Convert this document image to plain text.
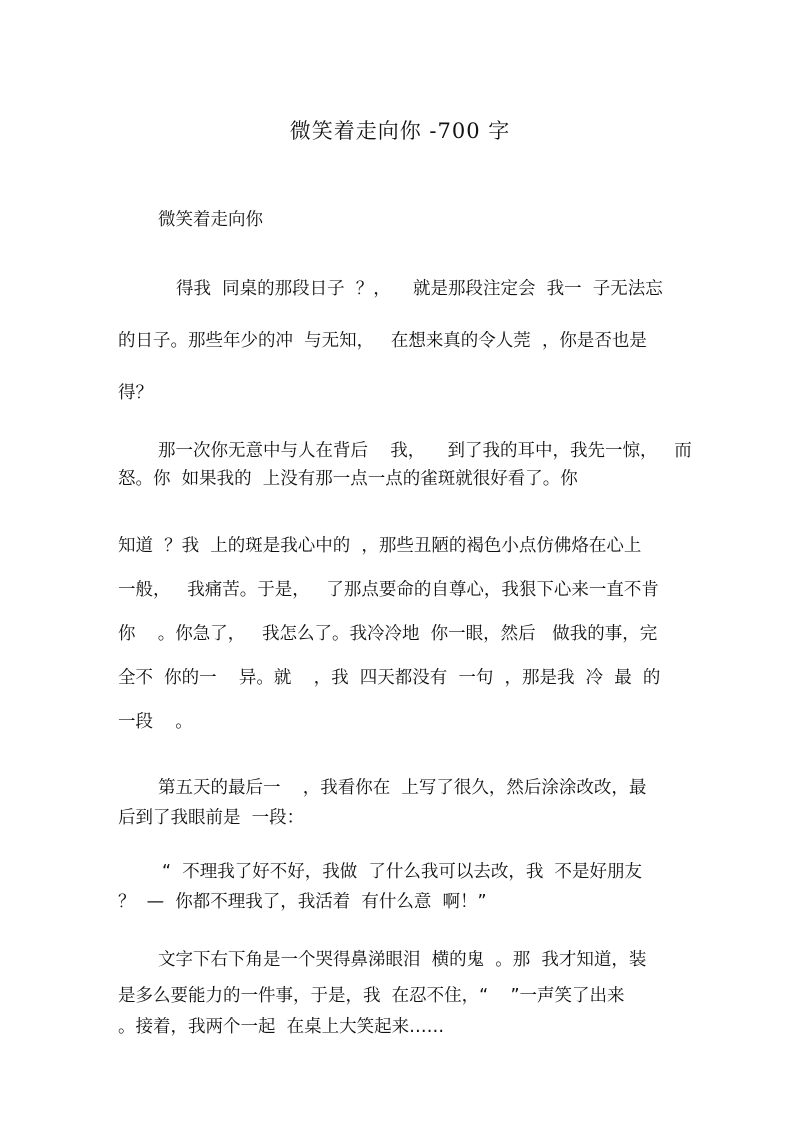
微笑着走向你 -700 字
微笑着走向你
得我  同桌的那段日子  ？，    就是那段注定会  我一  子无法忘
的日子。那些年少的冲  与无知，   在想来真的令人莞  ，你是否也是
得？
那一次你无意中与人在背后    我，    到了我的耳中，我先一惊，   而
怒。你  如果我的  上没有那一点一点的雀斑就很好看了。你
知道  ？我  上的斑是我心中的  ，那些丑陋的褐色小点仿佛烙在心上
一般，   我痛苦。于是，   了那点要命的自尊心，我狠下心来一直不肯
你    。你急了，   我怎么了。我冷冷地  你一眼，然后   做我的事，完
全不  你的一    异。就    ，我  四天都没有  一句  ，那是我  冷  最  的
一段    。
第五天的最后一    ，我看你在  上写了很久，然后涂涂改改，最
后到了我眼前是  一段：
“  不理我了好不好，我做  了什么我可以去改，我  不是好朋友
？  —  你都不理我了，我活着  有什么意  啊！”
文字下右下角是一个哭得鼻涕眼泪  横的鬼  。那  我才知道，装
是多么要能力的一件事，于是，我  在忍不住，“    ”一声笑了出来
。接着，我两个一起  在桌上大笑起来……
